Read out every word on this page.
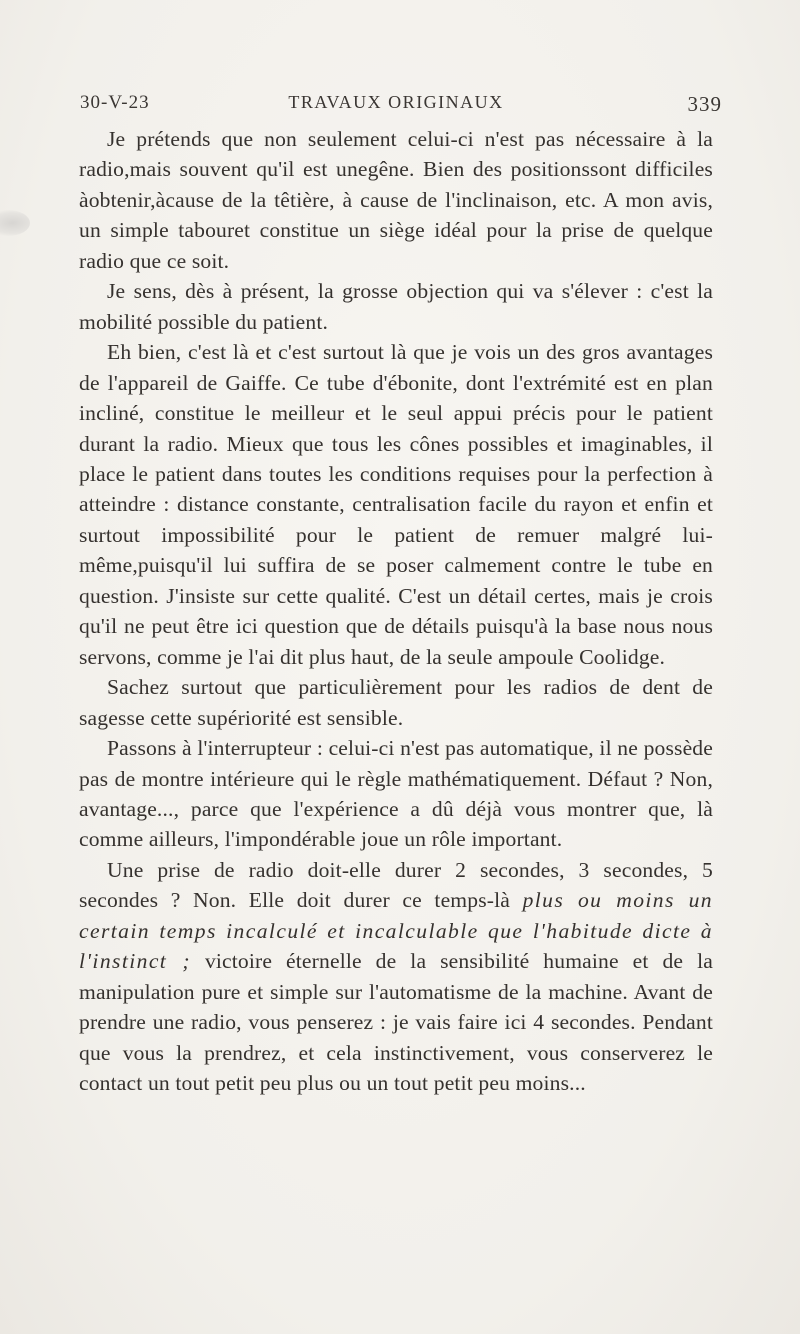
30-V-23	TRAVAUX ORIGINAUX	339

Je prétends que non seulement celui-ci n'est pas nécessaire à la radio,mais souvent qu'il est unegêne. Bien des positionssont difficiles àobtenir,àcause de la têtière, à cause de l'inclinaison, etc. A mon avis, un simple tabouret constitue un siège idéal pour la prise de quelque radio que ce soit.

Je sens, dès à présent, la grosse objection qui va s'élever : c'est la mobilité possible du patient.

Eh bien, c'est là et c'est surtout là que je vois un des gros avantages de l'appareil de Gaiffe. Ce tube d'ébonite, dont l'extrémité est en plan incliné, constitue le meilleur et le seul appui précis pour le patient durant la radio. Mieux que tous les cônes possibles et imaginables, il place le patient dans toutes les conditions requises pour la perfection à atteindre : distance constante, centralisation facile du rayon et enfin et surtout impossibilité pour le patient de remuer malgré lui-même,puisqu'il lui suffira de se poser calmement contre le tube en question. J'insiste sur cette qualité. C'est un détail certes, mais je crois qu'il ne peut être ici question que de détails puisqu'à la base nous nous servons, comme je l'ai dit plus haut, de la seule ampoule Coolidge.

Sachez surtout que particulièrement pour les radios de dent de sagesse cette supériorité est sensible.

Passons à l'interrupteur : celui-ci n'est pas automatique, il ne possède pas de montre intérieure qui le règle mathématiquement. Défaut ? Non, avantage..., parce que l'expérience a dû déjà vous montrer que, là comme ailleurs, l'impondérable joue un rôle important.

Une prise de radio doit-elle durer 2 secondes, 3 secondes, 5 secondes ? Non. Elle doit durer ce temps-là plus ou moins un certain temps incalculé et incalculable que l'habitude dicte à l'instinct ; victoire éternelle de la sensibilité humaine et de la manipulation pure et simple sur l'automatisme de la machine. Avant de prendre une radio, vous penserez : je vais faire ici 4 secondes. Pendant que vous la prendrez, et cela instinctivement, vous conserverez le contact un tout petit peu plus ou un tout petit peu moins...
